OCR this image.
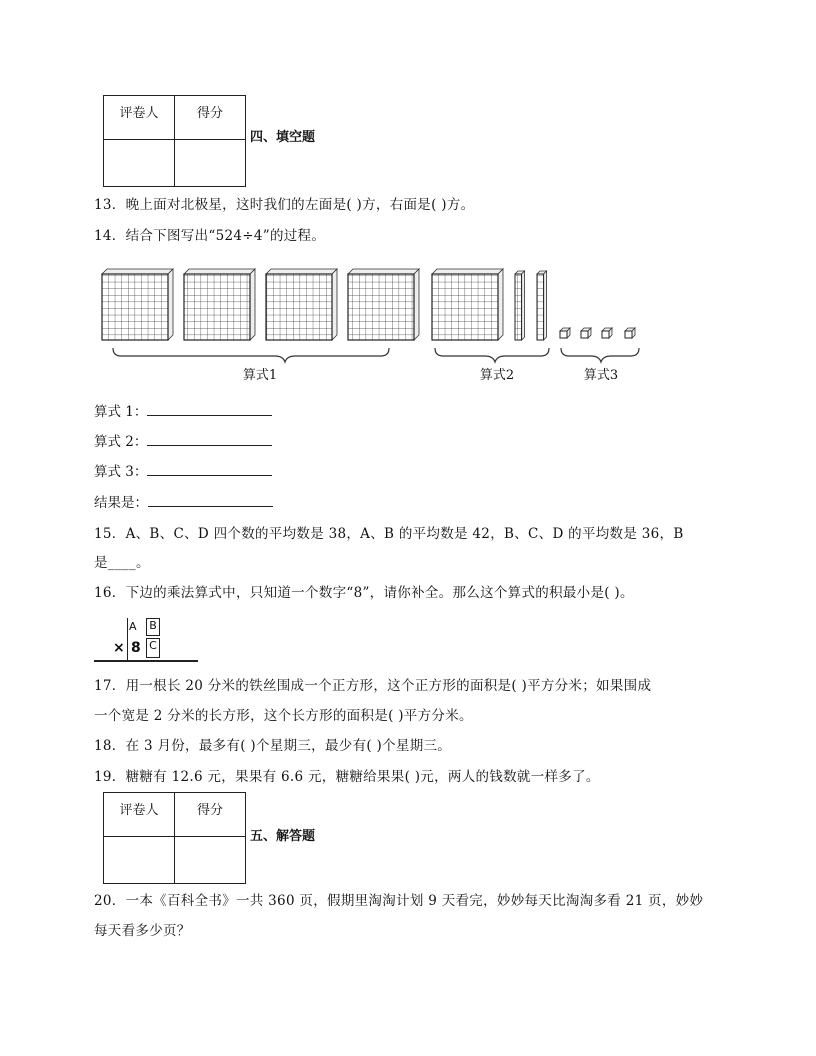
评卷人	得分

四、填空题
13．晚上面对北极星，这时我们的左面是( )方，右面是( )方。
14．结合下图写出“524÷4”的过程。
算式1	算式2	算式3
算式 1：
算式 2：
算式 3：
结果是：
15．A、B、C、D 四个数的平均数是 38，A、B 的平均数是 42，B、C、D 的平均数是 36，B
是____。
16．下边的乘法算式中，只知道一个数字“8”，请你补全。那么这个算式的积最小是( )。
A B
C
× 8
17．用一根长 20 分米的铁丝围成一个正方形，这个正方形的面积是( )平方分米；如果围成
一个宽是 2 分米的长方形，这个长方形的面积是( )平方分米。
18．在 3 月份，最多有( )个星期三，最少有( )个星期三。
19．糖糖有 12.6 元，果果有 6.6 元，糖糖给果果( )元，两人的钱数就一样多了。
评卷人	得分

五、解答题
20．一本《百科全书》一共 360 页，假期里淘淘计划 9 天看完，妙妙每天比淘淘多看 21 页，妙妙
每天看多少页？
